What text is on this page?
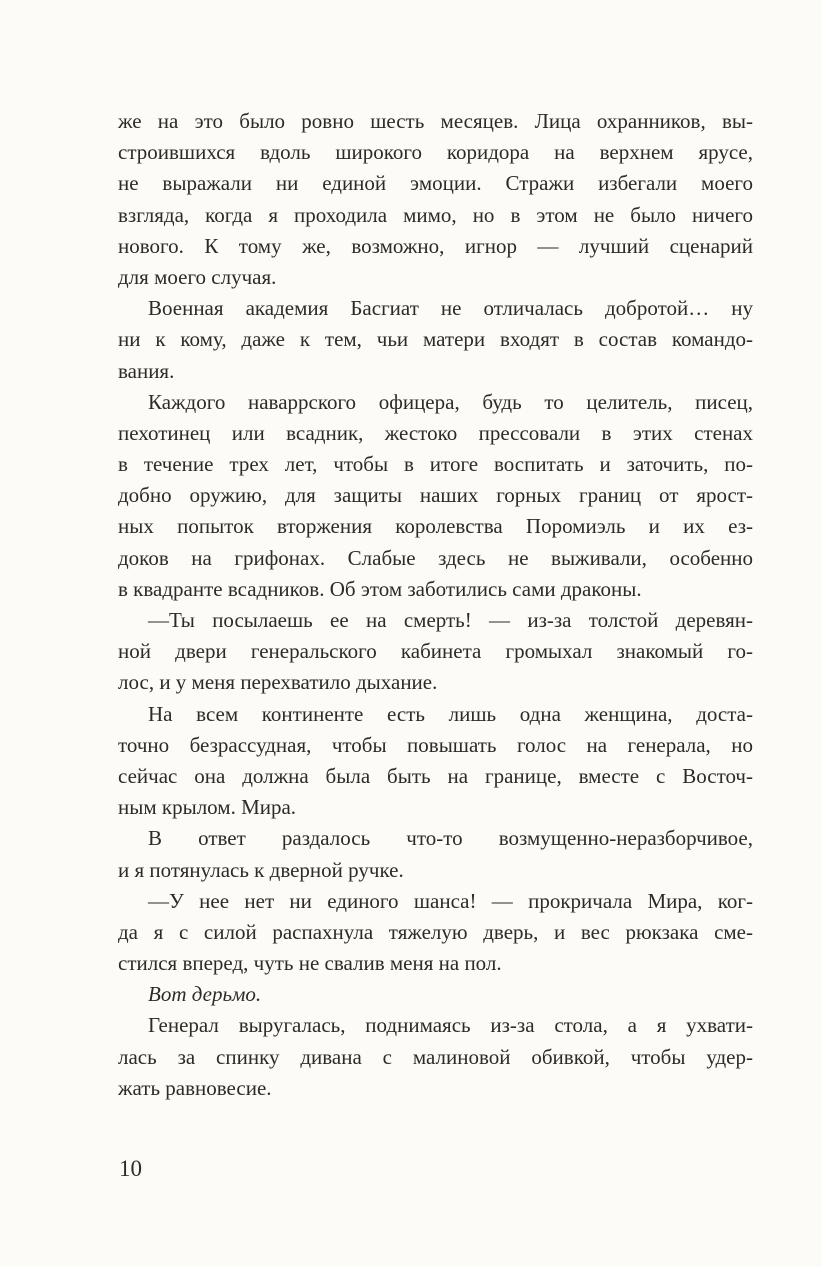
же на это было ровно шесть месяцев. Лица охранников, вы-
строившихся вдоль широкого коридора на верхнем ярусе,
не выражали ни единой эмоции. Стражи избегали моего
взгляда, когда я проходила мимо, но в этом не было ничего
нового. К тому же, возможно, игнор — лучший сценарий
для моего случая.
Военная академия Басгиат не отличалась добротой… ну
ни к кому, даже к тем, чьи матери входят в состав командо-
вания.
Каждого наваррского офицера, будь то целитель, писец,
пехотинец или всадник, жестоко прессовали в этих стенах
в течение трех лет, чтобы в итоге воспитать и заточить, по-
добно оружию, для защиты наших горных границ от ярост-
ных попыток вторжения королевства Поромиэль и их ез-
доков на грифонах. Слабые здесь не выживали, особенно
в квадранте всадников. Об этом заботились сами драконы.
—Ты посылаешь ее на смерть! — из-за толстой деревян-
ной двери генеральского кабинета громыхал знакомый го-
лос, и у меня перехватило дыхание.
На всем континенте есть лишь одна женщина, доста-
точно безрассудная, чтобы повышать голос на генерала, но
сейчас она должна была быть на границе, вместе с Восточ-
ным крылом. Мира.
В ответ раздалось что-то возмущенно-неразборчивое,
и я потянулась к дверной ручке.
—У нее нет ни единого шанса! — прокричала Мира, ког-
да я с силой распахнула тяжелую дверь, и вес рюкзака сме-
стился вперед, чуть не свалив меня на пол.
Вот дерьмо.
Генерал выругалась, поднимаясь из-за стола, а я ухвати-
лась за спинку дивана с малиновой обивкой, чтобы удер-
жать равновесие.
10
